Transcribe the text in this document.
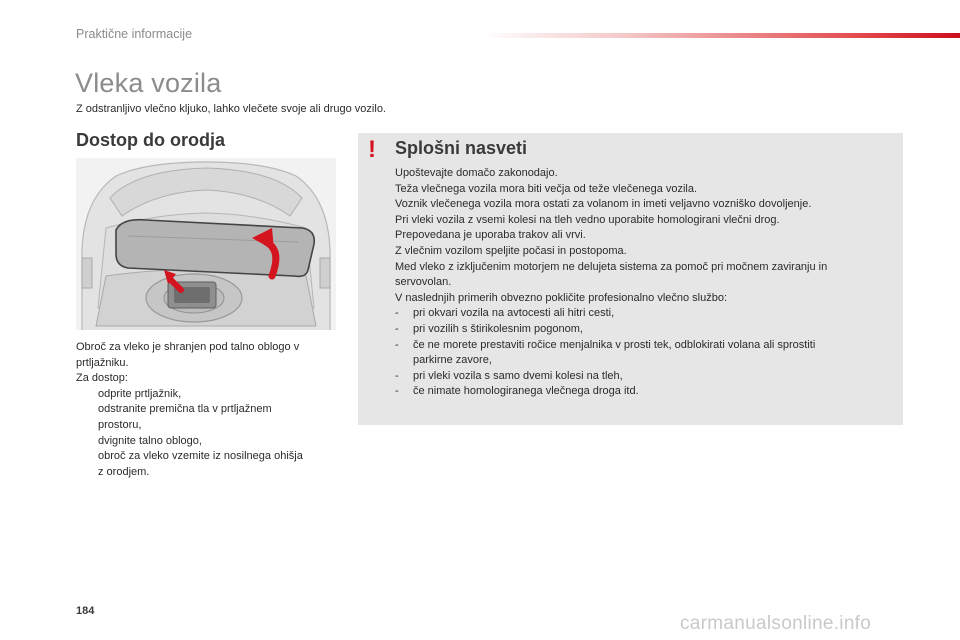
Praktične informacije
Vleka vozila
Z odstranljivo vlečno kljuko, lahko vlečete svoje ali drugo vozilo.
Dostop do orodja

Obroč za vleko je shranjen pod talno oblogo v

prtljažniku.

Za dostop:

odprite prtljažnik,
odstranite premična tla v prtljažnem
prostoru,
dvignite talno oblogo,
obroč za vleko vzemite iz nosilnega ohišja
z orodjem.
! Splošni nasveti

Upoštevajte domačo zakonodajo.

Teža vlečnega vozila mora biti večja od teže vlečenega vozila.

Voznik vlečenega vozila mora ostati za volanom in imeti veljavno vozniško dovoljenje.

Pri vleki vozila z vsemi kolesi na tleh vedno uporabite homologirani vlečni drog.

Prepovedana je uporaba trakov ali vrvi.

Z vlečnim vozilom speljite počasi in postopoma.

Med vleko z izključenim motorjem ne delujeta sistema za pomoč pri močnem zaviranju in

servovolan.

V naslednjih primerih obvezno pokličite profesionalno vlečno službo:

- pri okvari vozila na avtocesti ali hitri cesti,
- pri vozilih s štirikolesnim pogonom,
- če ne morete prestaviti ročice menjalnika v prosti tek, odblokirati volana ali sprostiti
parkirne zavore,
- pri vleki vozila s samo dvemi kolesi na tleh,
- če nimate homologiranega vlečnega droga itd.
184
carmanualsonline.info
